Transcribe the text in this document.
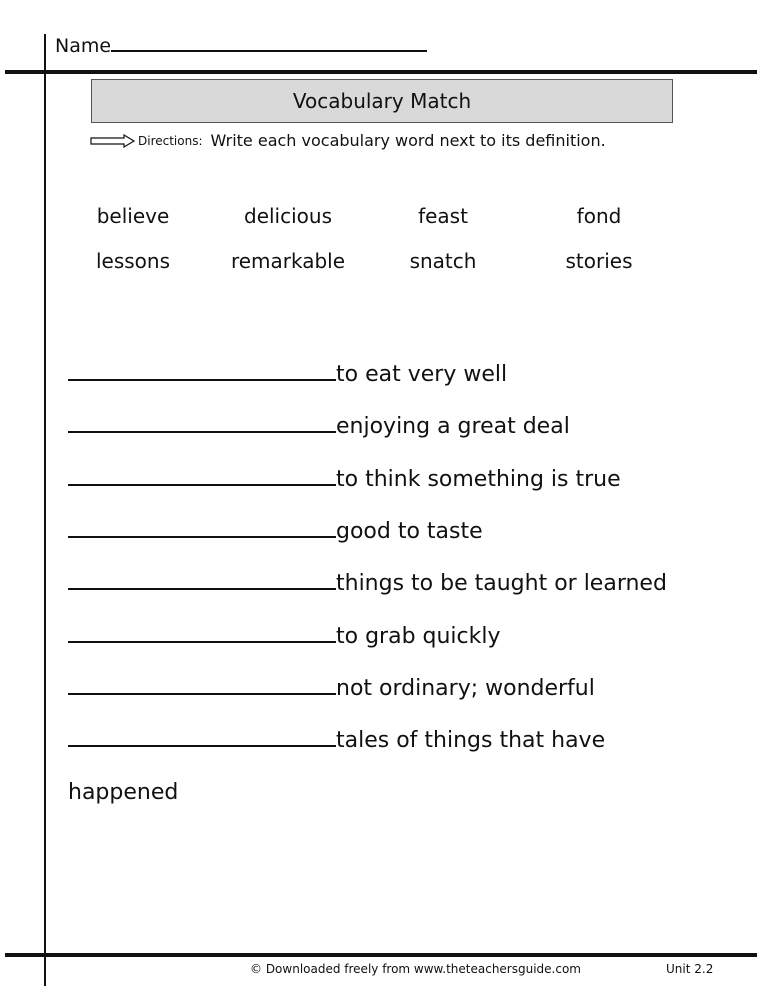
Name
Vocabulary Match
Directions: Write each vocabulary word next to its definition.
believe	delicious	feast	fond
lessons	remarkable	snatch	stories
to eat very well
enjoying a great deal
to think something is true
good to taste
things to be taught or learned
to grab quickly
not ordinary; wonderful
tales of things that have
happened
© Downloaded freely from www.theteachersguide.com	Unit 2.2
